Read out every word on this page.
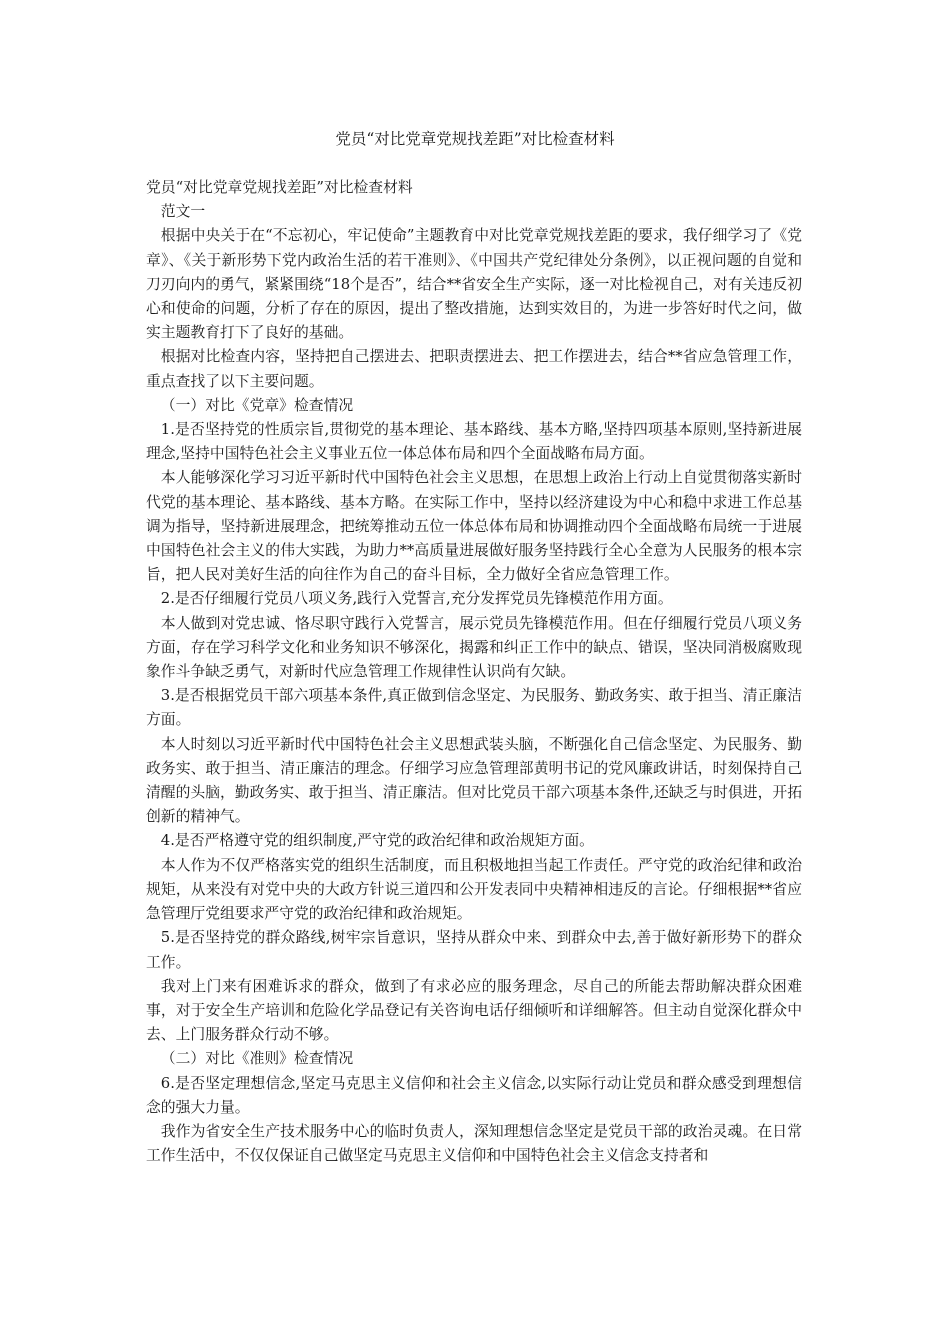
党员“对比党章党规找差距”对比检查材料

党员“对比党章党规找差距”对比检查材料

范文一

根据中央关于在“不忘初心，牢记使命”主题教育中对比党章党规找差距的要求，我仔细学习了《党章》、《关于新形势下党内政治生活的若干准则》、《中国共产党纪律处分条例》，以正视问题的自觉和刀刃向内的勇气，紧紧围绕“18个是否”，结合**省安全生产实际，逐一对比检视自己，对有关违反初心和使命的问题，分析了存在的原因，提出了整改措施，达到实效目的，为进一步答好时代之问，做实主题教育打下了良好的基础。

根据对比检查内容，坚持把自己摆进去、把职责摆进去、把工作摆进去，结合**省应急管理工作，重点查找了以下主要问题。

（一）对比《党章》检查情况

1.是否坚持党的性质宗旨,贯彻党的基本理论、基本路线、基本方略,坚持四项基本原则,坚持新进展理念,坚持中国特色社会主义事业五位一体总体布局和四个全面战略布局方面。

本人能够深化学习习近平新时代中国特色社会主义思想，在思想上政治上行动上自觉贯彻落实新时代党的基本理论、基本路线、基本方略。在实际工作中，坚持以经济建设为中心和稳中求进工作总基调为指导，坚持新进展理念，把统筹推动五位一体总体布局和协调推动四个全面战略布局统一于进展中国特色社会主义的伟大实践，为助力**高质量进展做好服务坚持践行全心全意为人民服务的根本宗旨，把人民对美好生活的向往作为自己的奋斗目标，全力做好全省应急管理工作。

2.是否仔细履行党员八项义务,践行入党誓言,充分发挥党员先锋模范作用方面。

本人做到对党忠诚、恪尽职守践行入党誓言，展示党员先锋模范作用。但在仔细履行党员八项义务方面，存在学习科学文化和业务知识不够深化，揭露和纠正工作中的缺点、错误，坚决同消极腐败现象作斗争缺乏勇气，对新时代应急管理工作规律性认识尚有欠缺。

3.是否根据党员干部六项基本条件,真正做到信念坚定、为民服务、勤政务实、敢于担当、清正廉洁方面。

本人时刻以习近平新时代中国特色社会主义思想武装头脑，不断强化自己信念坚定、为民服务、勤政务实、敢于担当、清正廉洁的理念。仔细学习应急管理部黄明书记的党风廉政讲话，时刻保持自己清醒的头脑，勤政务实、敢于担当、清正廉洁。但对比党员干部六项基本条件,还缺乏与时俱进，开拓创新的精神气。

4.是否严格遵守党的组织制度,严守党的政治纪律和政治规矩方面。

本人作为不仅严格落实党的组织生活制度，而且积极地担当起工作责任。严守党的政治纪律和政治规矩，从来没有对党中央的大政方针说三道四和公开发表同中央精神相违反的言论。仔细根据**省应急管理厅党组要求严守党的政治纪律和政治规矩。

5.是否坚持党的群众路线,树牢宗旨意识，坚持从群众中来、到群众中去,善于做好新形势下的群众工作。

我对上门来有困难诉求的群众，做到了有求必应的服务理念，尽自己的所能去帮助解决群众困难事，对于安全生产培训和危险化学品登记有关咨询电话仔细倾听和详细解答。但主动自觉深化群众中去、上门服务群众行动不够。

（二）对比《准则》检查情况

6.是否坚定理想信念,坚定马克思主义信仰和社会主义信念,以实际行动让党员和群众感受到理想信念的强大力量。

我作为省安全生产技术服务中心的临时负责人，深知理想信念坚定是党员干部的政治灵魂。在日常工作生活中，不仅仅保证自己做坚定马克思主义信仰和中国特色社会主义信念支持者和
